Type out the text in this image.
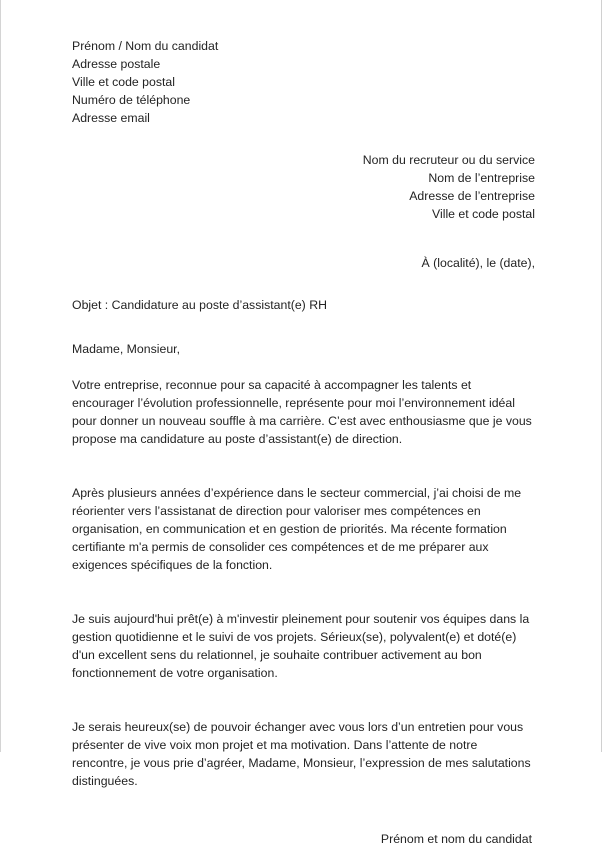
Prénom / Nom du candidat
Adresse postale
Ville et code postal
Numéro de téléphone
Adresse email
Nom du recruteur ou du service
Nom de l’entreprise
Adresse de l’entreprise
Ville et code postal
À (localité), le (date),
Objet : Candidature au poste d’assistant(e) RH
Madame, Monsieur,
Votre entreprise, reconnue pour sa capacité à accompagner les talents et encourager l’évolution professionnelle, représente pour moi l’environnement idéal pour donner un nouveau souffle à ma carrière. C’est avec enthousiasme que je vous propose ma candidature au poste d’assistant(e) de direction.
Après plusieurs années d’expérience dans le secteur commercial, j’ai choisi de me réorienter vers l’assistanat de direction pour valoriser mes compétences en organisation, en communication et en gestion de priorités. Ma récente formation certifiante m'a permis de consolider ces compétences et de me préparer aux exigences spécifiques de la fonction.
Je suis aujourd'hui prêt(e) à m'investir pleinement pour soutenir vos équipes dans la gestion quotidienne et le suivi de vos projets. Sérieux(se), polyvalent(e) et doté(e) d'un excellent sens du relationnel, je souhaite contribuer activement au bon fonctionnement de votre organisation.
Je serais heureux(se) de pouvoir échanger avec vous lors d’un entretien pour vous présenter de vive voix mon projet et ma motivation. Dans l’attente de notre rencontre, je vous prie d’agréer, Madame, Monsieur, l’expression de mes salutations distinguées.
Prénom et nom du candidat
